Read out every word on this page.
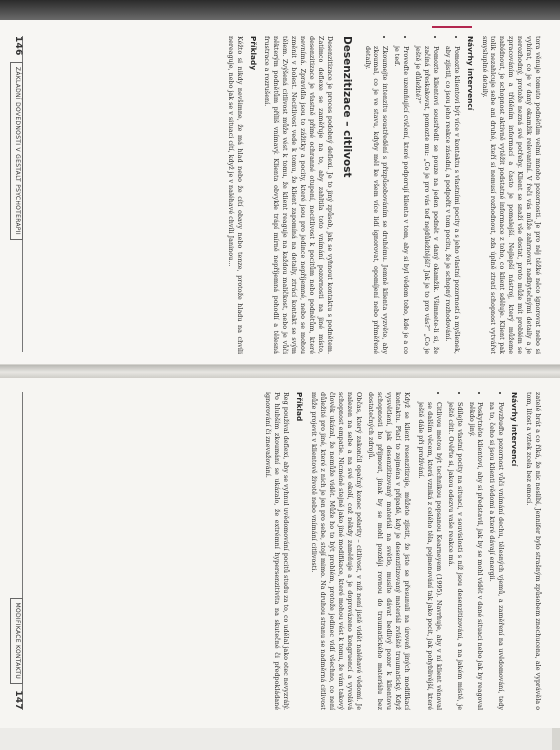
tora věnuje tomuto podnětům velmi mnoho pozornosti. Je pro něj těžké něco ignorovat nebo si vybírat, co je v daný okamžik relevantní. V řeči vás může zahrnovat nadbytečnými detaily a je nerozhodný, protože nezná své potřeby. Klient se snaží vše dostat, proto může mít problém se zpracováním a tříděním informací a často je pomalejší. Nejlepší nástroj, který můžeme nabídnout, je schopnost aktivně vytěžit podstatné informace z toho, co klient sděluje. Klient pak tolik nezahlcuje sebe ani druhé, kteří si nemusí rozhodnout, zda úplně ztratí schopnost vytvářet smysluplné detaily.

Návrhy intervencí
• Pomozte klientovi být více v kontaktu s vlastními pocity a s jeho vlastní pozorností a myšlenek, aby zjistil, co jsou jeho reakce zásadní, a podpořit v tom pocitu, že je schopný rozhodování.
• Pomozte klientovi soustředit se pouze na jeden podnět v daný okamžik. Všimnete-li si, že začíná přeskakovat, pomozte mu: „Co je pro vás teď nejdůležitější? Jak je to pro vás?“ „Co je ještě je důležité?“
• Proveďte uzemňující cvičení, které podporují klienta v tom, aby si byl vědom toho, kde je a co je teď.
• Zkoumejte intenzitu soustředění s přizpůsobováním se druhému. Jemně klienta vyzvěte, aby zkoumal, co je ve stavu, kdyby měl ke všem více lidí ignorovat, opomíjení nebo přiměřené detaily.
Desenzitizace – citlivost

Desenzitizace je proces podobný deflexi. Je to jiný způsob, jak se vyhnout kontaktu s podnětem. Zatímco deflexe se zaměřuje na to, aby zahltila toto vnímání pozornosti na jiné místo, desenzitizace je vlastně přímé ochranné otupení, necitlivost k pocitům nebo podnětům, které nevnímá. Zpravidla jsou to zážitky a pocity, které jsou pro jedince nepříjemné, nebo se mohou změnit v bolest. Necitlivost vede k tomu, že klient zapomíná na detaily, ztrácí kontakt se svým tělem. Zvýšená citlivost může vést k tomu, že klient reaguje na každou maličkost, nebo je vůči některým podnětům příliš vnímavý. Klienta obvykle trápí mírně nepříjemná pohodlí a tělesná frustrace a rozrušení.

Příklady

Kéžto si nikdy nevšimne, že má hlad nebo že cítí obavy nebo tenze, protože hladu na chvíli nereaguje, nebo jak se v situaci cítí, když je v naléhavé chvíli Janinou...

146 ZÁKLADNÍ DOVEDNOSTI V GESTALT PSYCHOTERAPII

zatelé brát a co říká, že nic neslíbí, Jennifer bylo strašným způsobem znechucena, ale vyprávěla o tom, lítost a vztek zcela bez emocí.

Návrhy intervencí
• Povzbuďte pozornost vůči vnímání dechu, tělesných vjemů, a zaměření na uvědomování, tedy na to, čeho si jsou klienti vědomi a které dávají energii.
• Poskytněte klientovi, aby si představil, jak by se mohl vidět v dané situaci nebo jak by reagoval někdo jiný.
• Sdílejte vlastní pocity na situaci, v souvislosti s níž jsou desenzitizováni, a na jakém místě, je ještě cítit. Ověřte si, jakou odezvu vaše reakce má.
• Citlivou metou být technikou popsanou Kearneyem (1995). Navrhuje, aby v ní klient věnoval se dalším věcem, která vzniká z celého těla, pojmenování tak jako pocit, jak pohyblivější, které ještě dále při prožívání.

Když se klient resenzitizuje, můžete zjistit, že jste se přesunuli na úroveň jiných modifikací kontaktu. Platí to zejména v případě, kdy je desenzitizovaný materiál zvláště traumatický. Když vysvětlení, jak desenzitizovaný materiál na světlo, musíte dávat bedlivý pozor k klientovu schopnosti ho přijmout, jinak by se mohl později rovnou do traumatického materiálu bez dostatečných zdrojů.

Občas, který zakončil opačný konec polarity – citlivost, v níž není jistě vidět naléhavé vědomí. Je nalezen na sebe a na své okolí, což někdy zaměňuje a je doprovázeno kongruencí a vyvolává schopnost empatie. Nicméně stejně jako jiné modifikace, které mohou vést k tomu, že vám takový člověk ukázal, že nemůže vidět. Může ho to být problém, protože jedinec vidí všechno, co není důležité pro jiné, které z nich je jen pro sebe, stojí mimo. Na druhou stranu se nadměrná citlivost může projevit v klientově životě nebo vnímání citlivosti.

Příklad

Reg používal deflexi, aby se vyhnul uvědomování pocitů studu za to, co udělal jako otec nevyzrálý. Po hlubším zkoumání se ukázalo, že extrémní hypersenzitivita na skutečné či předpokládané ignorování či znevažování.

MODIFIKACE KONTAKTU 147
